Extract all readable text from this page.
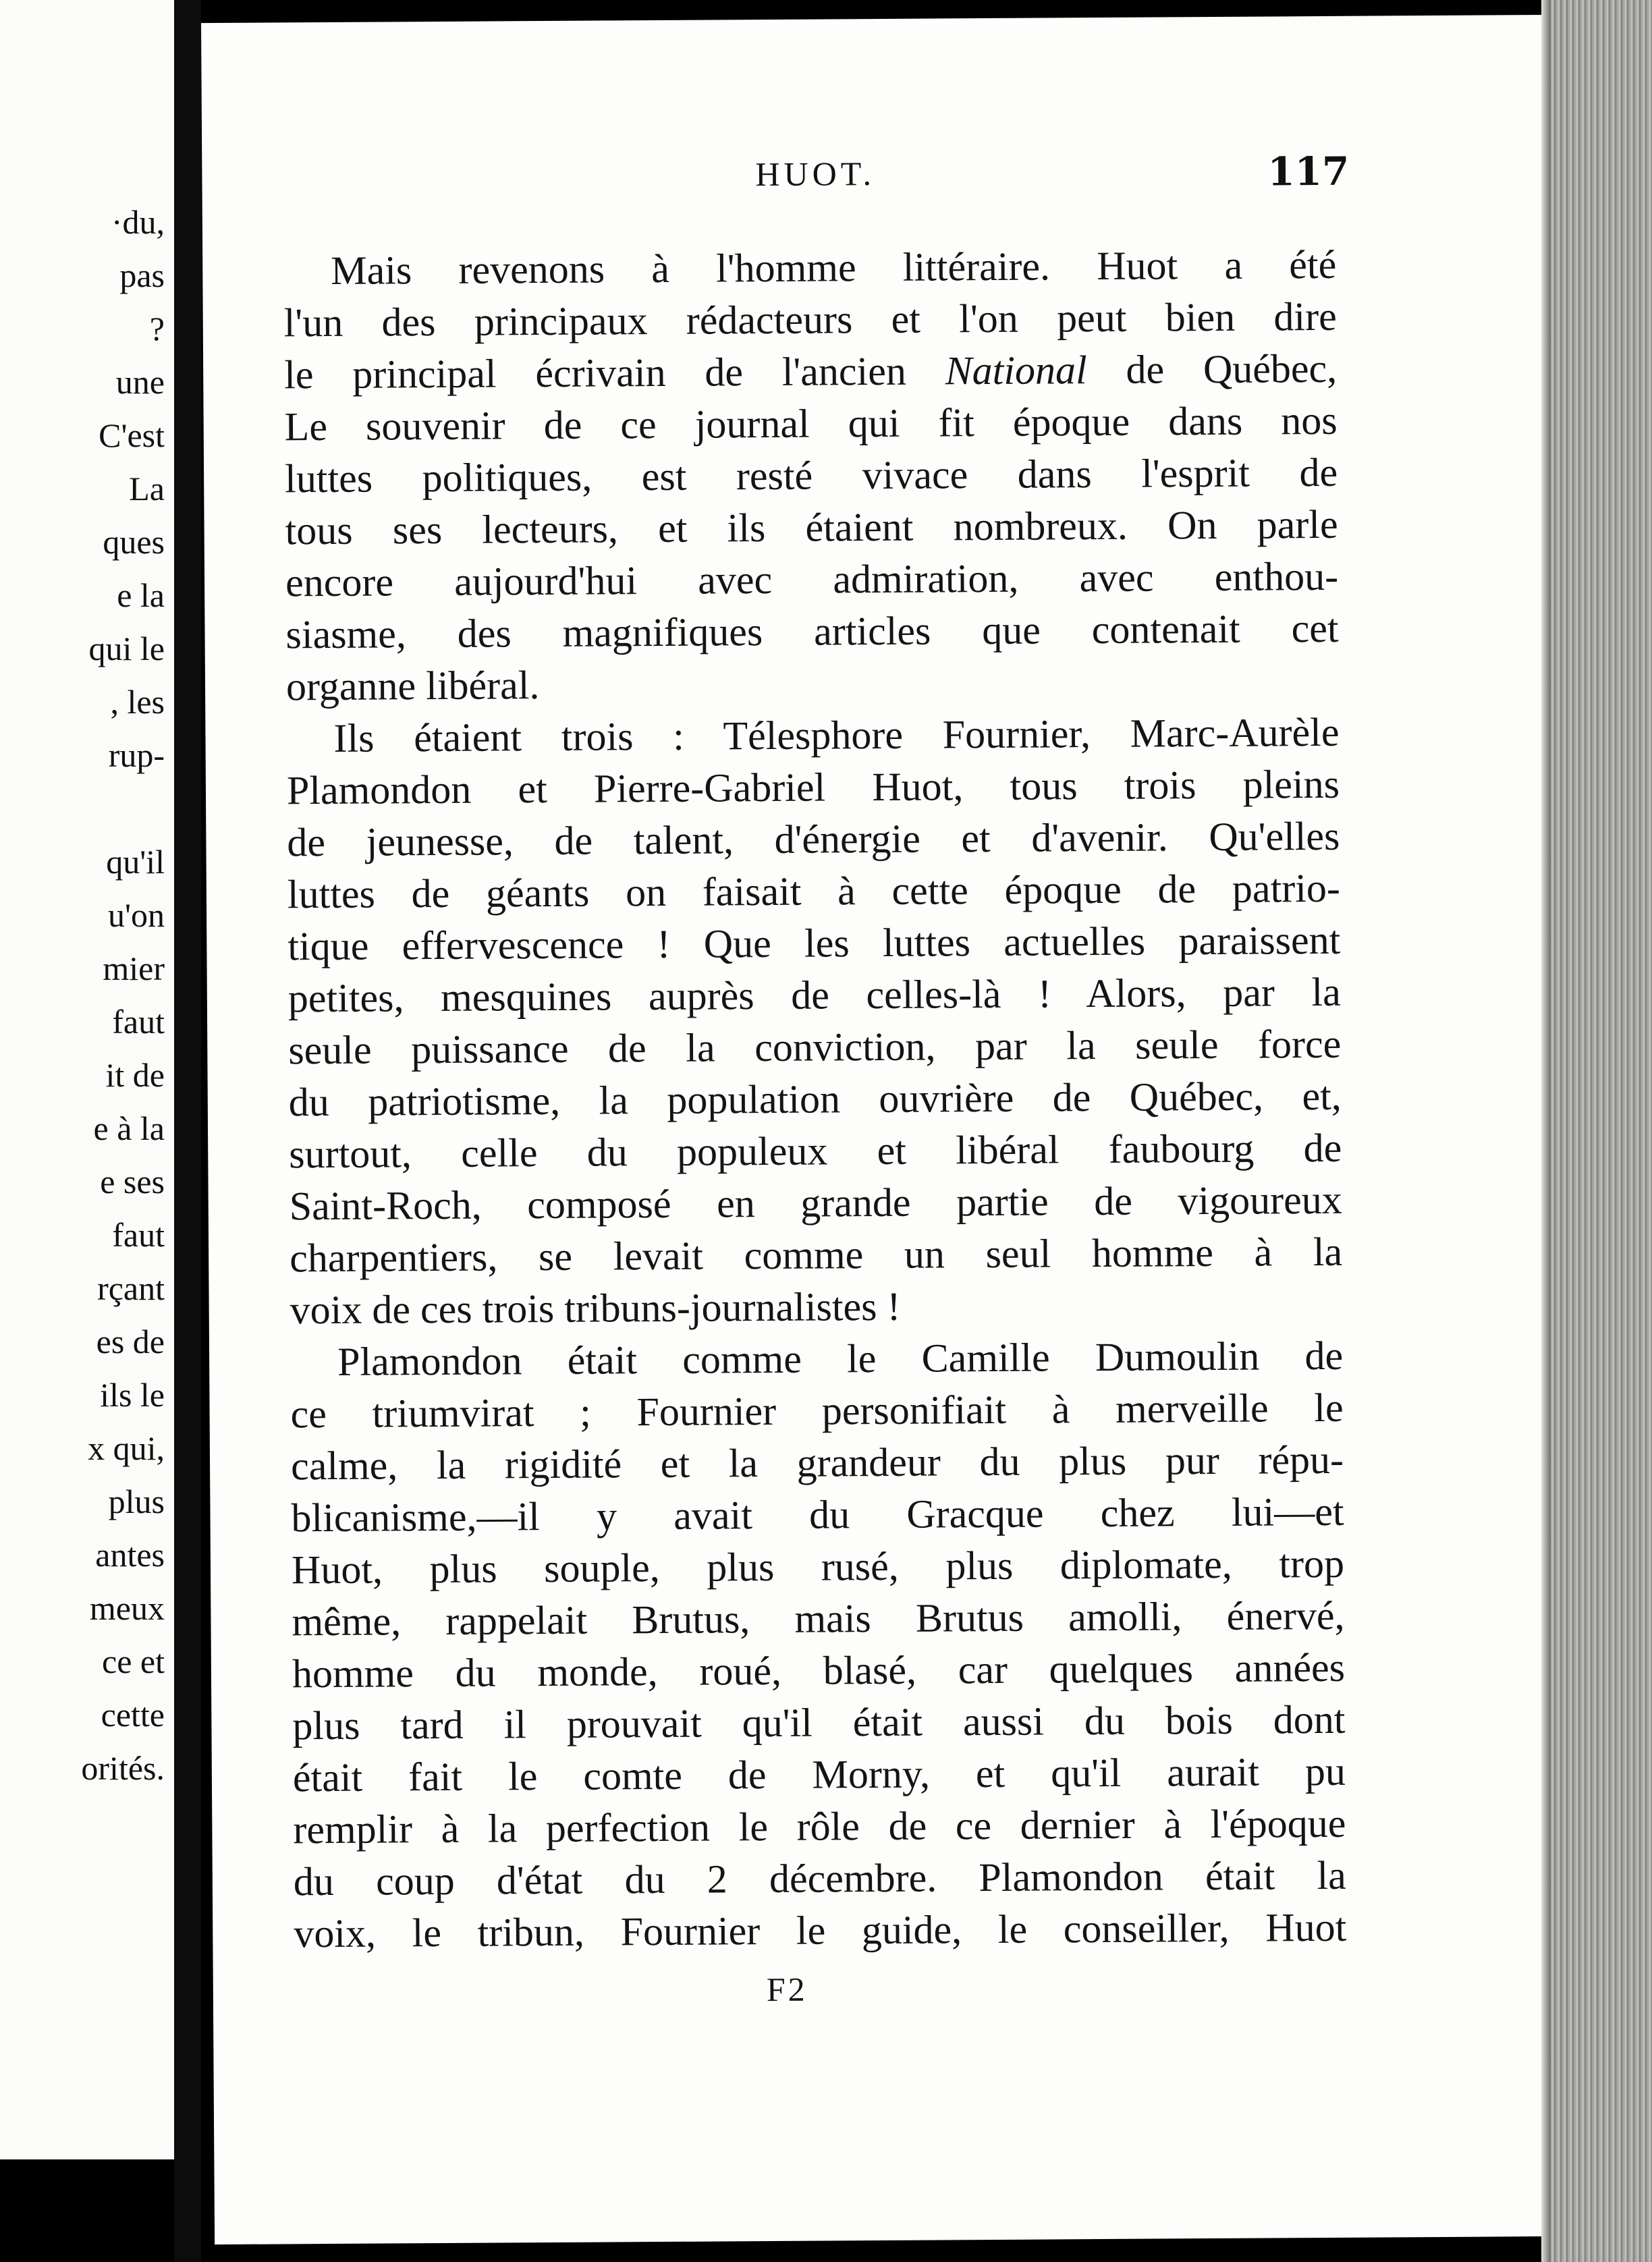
·du,
pas
?
une
C'est
La
ques
e la
qui le
, les
rup-
qu'il
u'on
mier
faut
it de
e à la
e ses
faut
rçant
es de
ils le
x qui,
plus
antes
meux
ce et
cette
orités.
HUOT.	117
Mais revenons à l'homme littéraire. Huot a été
l'un des principaux rédacteurs et l'on peut bien dire
le principal écrivain de l'ancien National de Québec,
Le souvenir de ce journal qui fit époque dans nos
luttes politiques, est resté vivace dans l'esprit de
tous ses lecteurs, et ils étaient nombreux. On parle
encore aujourd'hui avec admiration, avec enthou-
siasme, des magnifiques articles que contenait cet
organne libéral.
Ils étaient trois : Télesphore Fournier, Marc-Aurèle
Plamondon et Pierre-Gabriel Huot, tous trois pleins
de jeunesse, de talent, d'énergie et d'avenir. Qu'elles
luttes de géants on faisait à cette époque de patrio-
tique effervescence ! Que les luttes actuelles paraissent
petites, mesquines auprès de celles-là ! Alors, par la
seule puissance de la conviction, par la seule force
du patriotisme, la population ouvrière de Québec, et,
surtout, celle du populeux et libéral faubourg de
Saint-Roch, composé en grande partie de vigoureux
charpentiers, se levait comme un seul homme à la
voix de ces trois tribuns-journalistes !
Plamondon était comme le Camille Dumoulin de
ce triumvirat ; Fournier personifiait à merveille le
calme, la rigidité et la grandeur du plus pur répu-
blicanisme,—il y avait du Gracque chez lui—et
Huot, plus souple, plus rusé, plus diplomate, trop
même, rappelait Brutus, mais Brutus amolli, énervé,
homme du monde, roué, blasé, car quelques années
plus tard il prouvait qu'il était aussi du bois dont
était fait le comte de Morny, et qu'il aurait pu
remplir à la perfection le rôle de ce dernier à l'époque
du coup d'état du 2 décembre. Plamondon était la
voix, le tribun, Fournier le guide, le conseiller, Huot
F2
